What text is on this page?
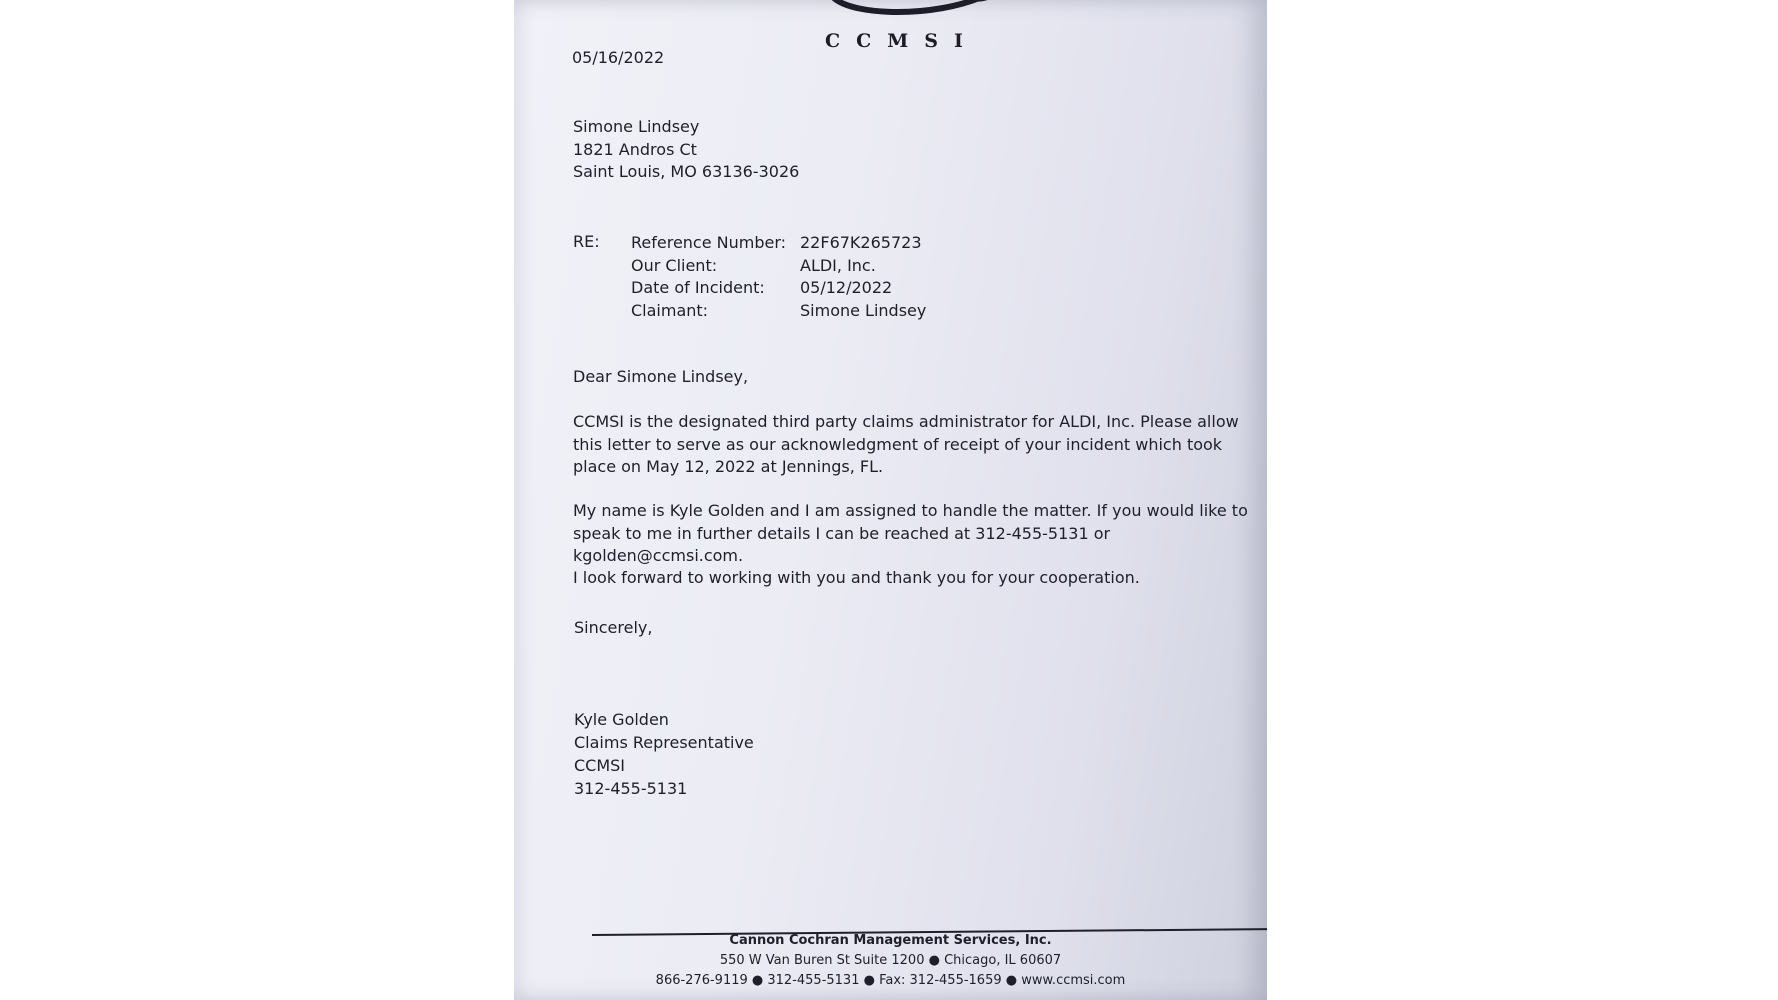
CCMSI
05/16/2022
Simone Lindsey
1821 Andros Ct
Saint Louis, MO 63136-3026
RE: Reference Number: 22F67K265723
Our Client:	ALDI, Inc.
Date of Incident:	05/12/2022
Claimant:	Simone Lindsey
Dear Simone Lindsey,
CCMSI is the designated third party claims administrator for ALDI, Inc. Please allow this letter to serve as our acknowledgment of receipt of your incident which took place on May 12, 2022 at Jennings, FL.
My name is Kyle Golden and I am assigned to handle the matter. If you would like to speak to me in further details I can be reached at 312-455-5131 or kgolden@ccmsi.com.
I look forward to working with you and thank you for your cooperation.
Sincerely,
Kyle Golden
Claims Representative
CCMSI
312-455-5131
Cannon Cochran Management Services, Inc.
550 W Van Buren St Suite 1200 ● Chicago, IL 60607
866-276-9119 ● 312-455-5131 ● Fax: 312-455-1659 ● www.ccmsi.com
